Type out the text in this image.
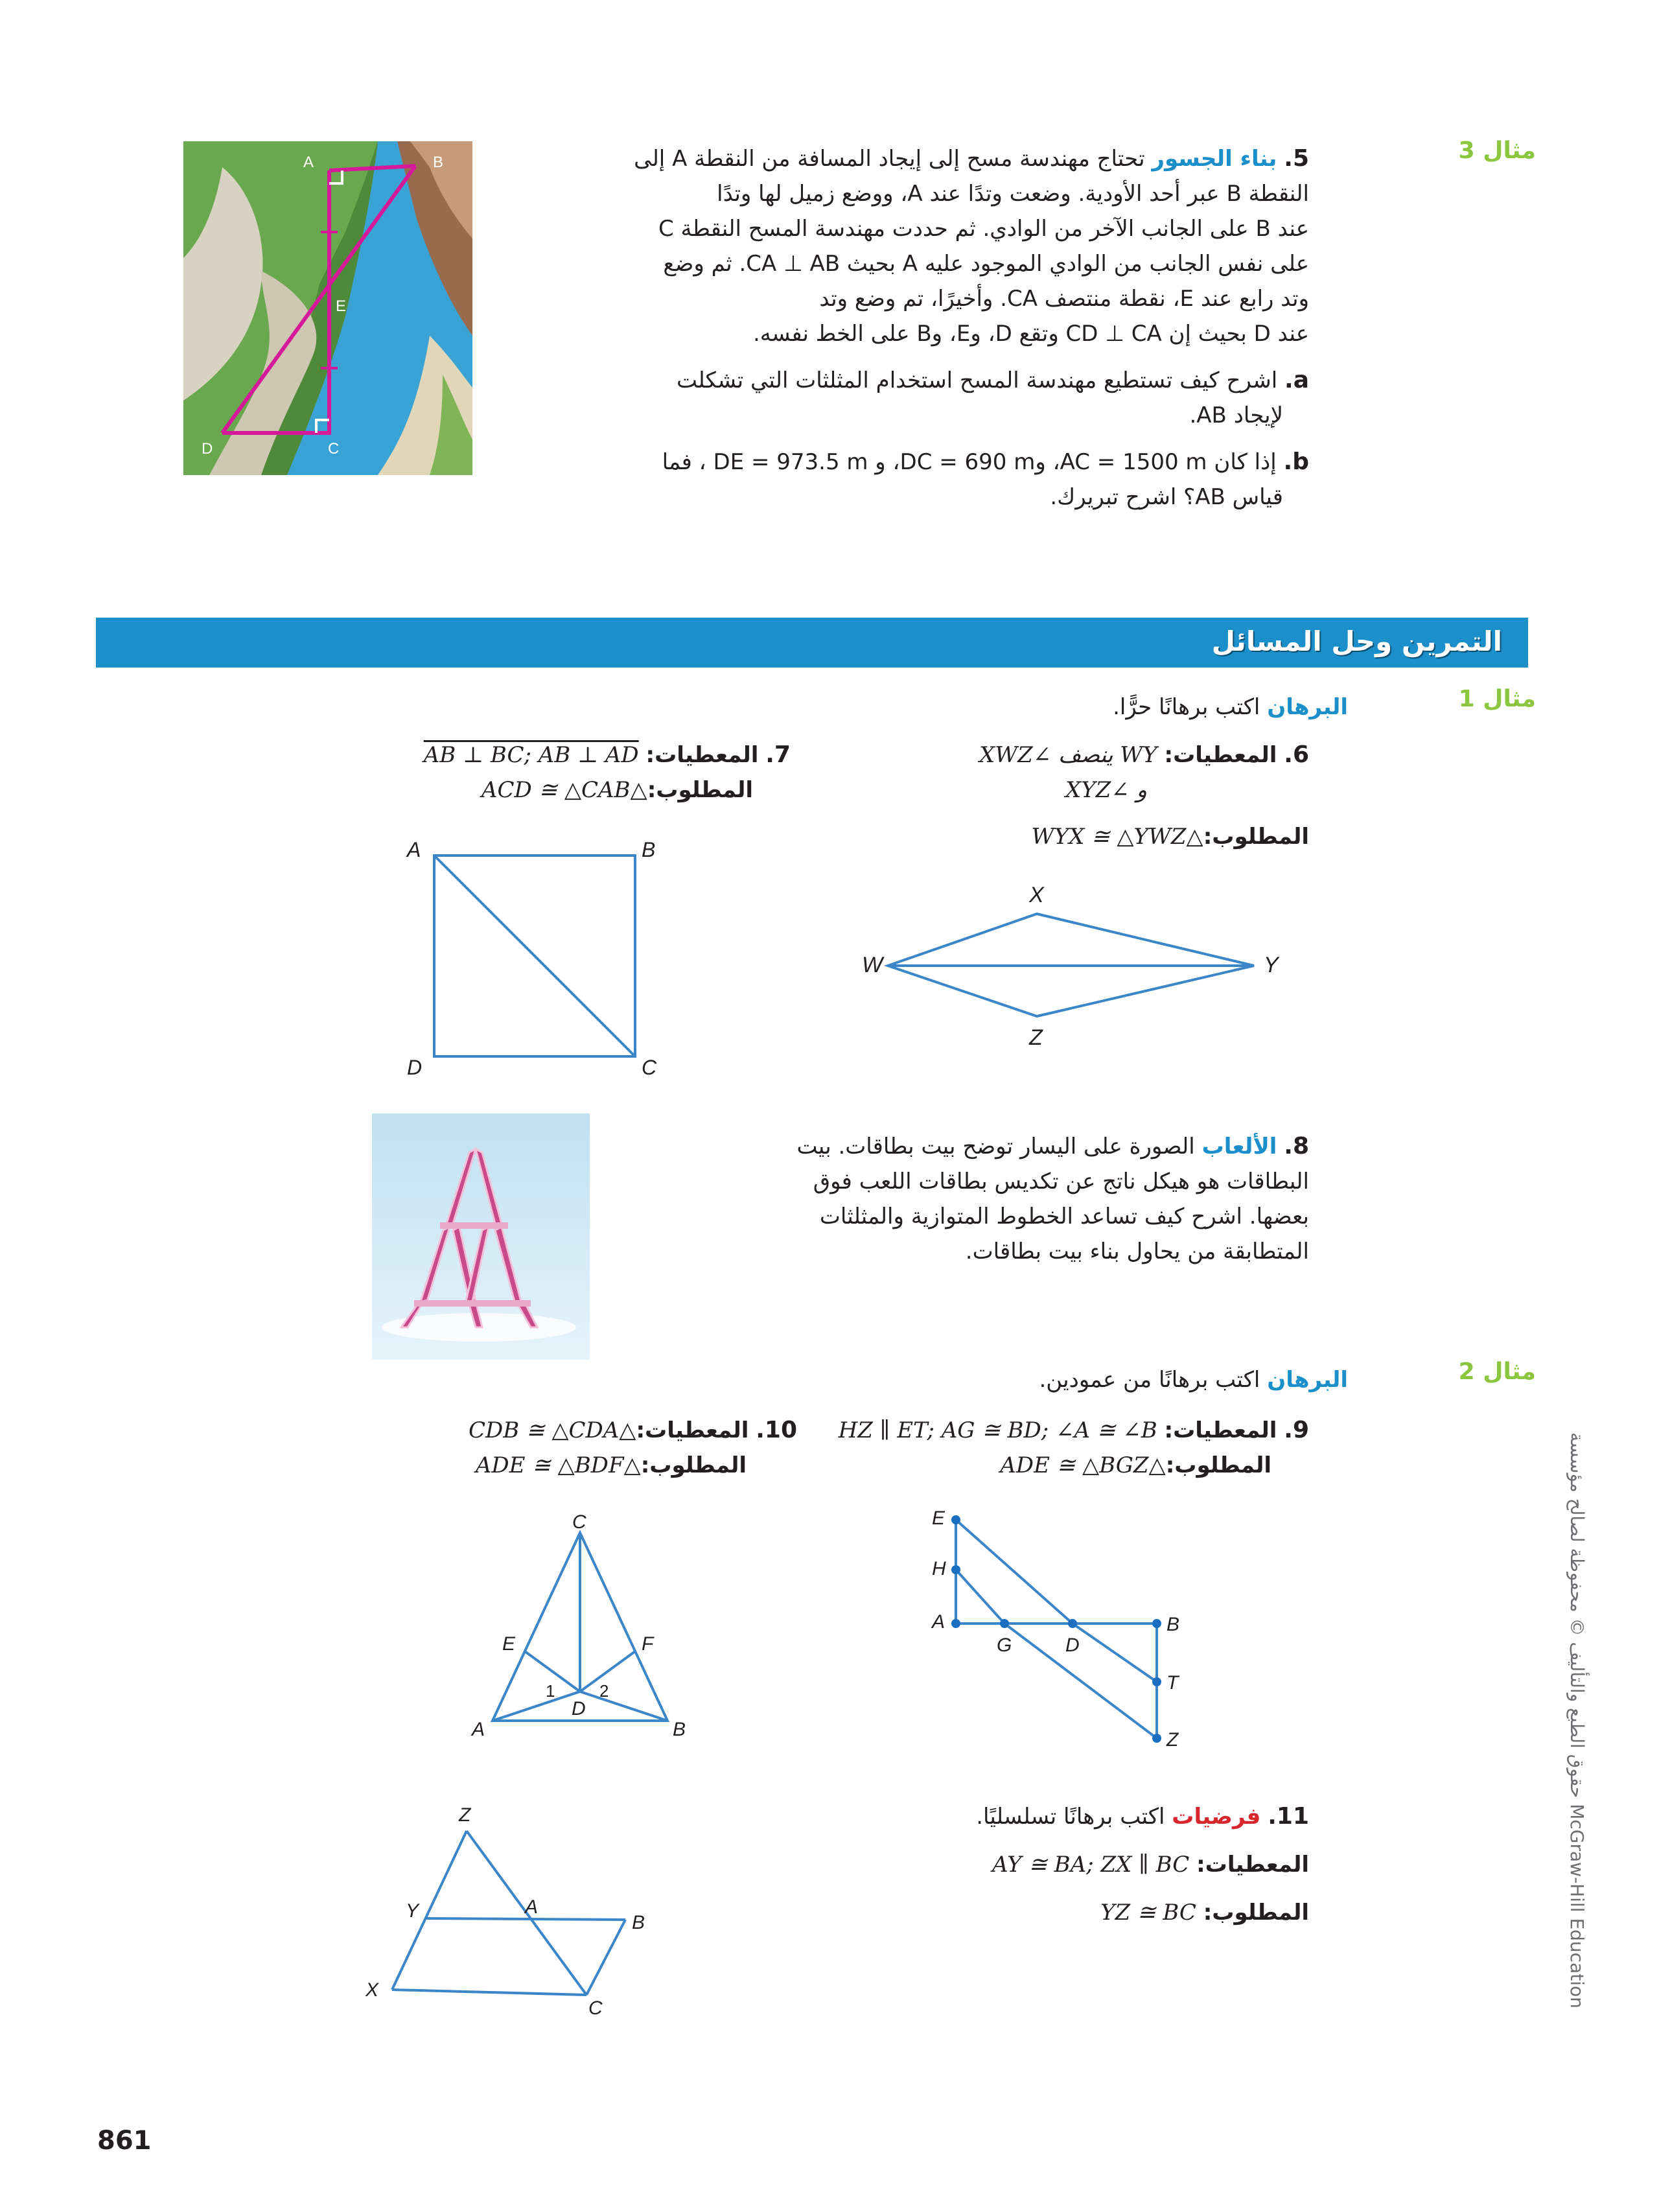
مثال 3
A	B
C
D
E
5. بناء الجسور تحتاج مهندسة مسح إلى إيجاد المسافة من النقطة A إلى
النقطة B عبر أحد الأودية. وضعت وتدًا عند A، ووضع زميل لها وتدًا
عند B على الجانب الآخر من الوادي. ثم حددت مهندسة المسح النقطة C
على نفس الجانب من الوادي الموجود عليه A بحيث CA ⊥ AB. ثم وضع
وتد رابع عند E، نقطة منتصف CA. وأخيرًا، تم وضع وتد
عند D بحيث إن CD ⊥ CA وتقع D، وE، وB على الخط نفسه.
a. اشرح كيف تستطيع مهندسة المسح استخدام المثلثات التي تشكلت
لإيجاد AB.
b. إذا كان AC = 1500 m، وDC = 690 m، و DE = 973.5 m ، فما
قياس AB؟ اشرح تبريرك.
التمرين وحل المسائل
مثال 1
البرهان اكتب برهانًا حرًّا.
6. المعطيات: WY ينصف ∠XWZ
و ∠XYZ
المطلوب:△WYX ≅ △YWZ
W
X
Y
Z
7. المعطيات: AB ⊥ BC; AB ⊥ AD
المطلوب:△ACD ≅ △CAB
A	B
C
D
8. الألعاب الصورة على اليسار توضح بيت بطاقات. بيت
البطاقات هو هيكل ناتج عن تكديس بطاقات اللعب فوق
بعضها. اشرح كيف تساعد الخطوط المتوازية والمثلثات
المتطابقة من يحاول بناء بيت بطاقات.
مثال 2
البرهان اكتب برهانًا من عمودين.
9. المعطيات: HZ ∥ ET; AG ≅ BD; ∠A ≅ ∠B
المطلوب:△ADE ≅ △BGZ
E
H
A
G	D
B
T
Z
10. المعطيات:△CDB ≅ △CDA
المطلوب:△ADE ≅ △BDF
C
E	F
A
D
B
1	2
11. فرضيات اكتب برهانًا تسلسليًا.
المعطيات: AY ≅ BA; ZX ∥ BC
المطلوب: YZ ≅ BC
Z
Y	A
B
X
C
حقوق الطبع والتأليف © محفوظة لصالح مؤسسة McGraw-Hill Education
861
